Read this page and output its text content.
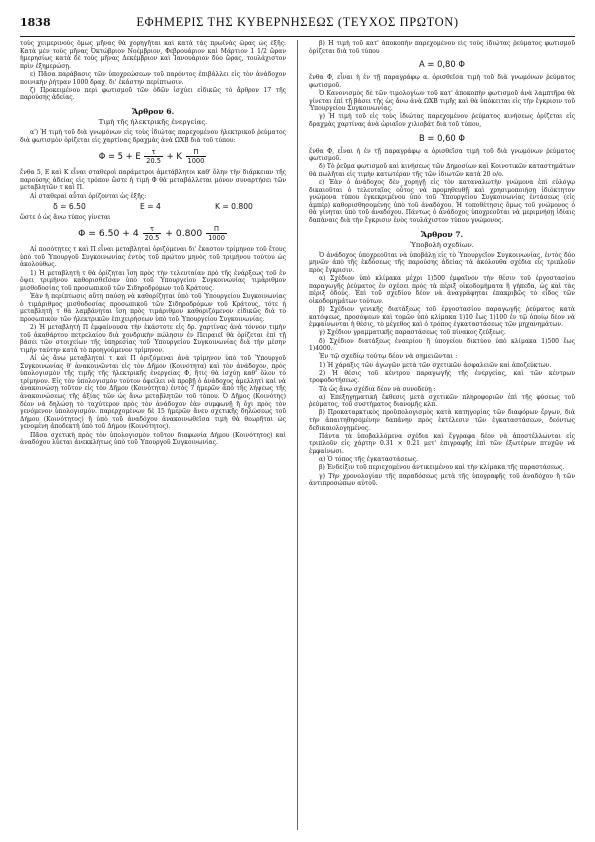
1838	ΕΦΗΜΕΡΙΣ ΤΗΣ ΚΥΒΕΡΝΗΣΕΩΣ (ΤΕΥΧΟΣ ΠΡΩΤΟΝ)

τοὺς χειμερινοὺς ὅμως μῆνας θὰ χορηγῆται καὶ κατὰ τὰς πρωϊνὰς ὥρας ὡς ἑξῆς: Κατὰ μὲν τοὺς μῆνας Ὀκτώβριον Νοέμβριον, Φεβρουάριον καὶ Μάρτιον 1 1/2 ὥραν ἡμερησίως κατὰ δὲ τοὺς μῆνας Δεκέμβριον καὶ Ἰανουάριον δύο ὥρας, τουλάχιστον πρὶν ἐξημερώσῃ.

ε) Πᾶσα παράβασις τῶν ὑποχρεώσεων τοῦ παρόντος ἐπιβάλλει εἰς τὸν ἀνάδοχον ποινικὴν ῥήτραν 1000 δραχ. δι' ἑκάστην περίπτωσιν.

ζ) Προκειμένου περὶ φωτισμοῦ τῶν ὁδῶν ἰσχύει εἰδικῶς τὸ ἄρθρον 17 τῆς παρούσης ἀδείας.

Ἄρθρον 6.
Τιμὴ τῆς ἠλεκτρικῆς ἐνεργείας.

α') Ἡ τιμὴ τοῦ διὰ γνωμόνων εἰς τοὺς ἰδιώτας παρεχομένου ἠλεκτρικοῦ ῥεύματος διὰ φωτισμὸν ὁρίζεται εἰς χαρτίνας δραχμὰς ἀνὰ ΩΧΒ διὰ τοῦ τύπου:

Φ = 5 + Ε $\frac{\tau}{20.5} + K \frac{\Pi}{1000}$

ἔνθα 5, Ε καὶ Κ εἶναι σταθεροὶ παράμετροι ἀμετάβλητοι καθ' ὅλην τὴν διάρκειαν τῆς παρούσης ἀδείας εἰς τρόπον ὥστε ἡ τιμὴ Φ θὰ μεταβάλλεται μόνον συναρτήσει τῶν μεταβλητῶν τ καὶ Π.

Αἱ σταθεραὶ αὗται ὁρίζονται ὡς ἑξῆς:

δ = 6.50	Ε = 4	Κ = 0.800

ὥστε ὁ ὡς ἄνω τύπος γίνεται

$\Phi = 6.50 + 4 \frac{\tau}{20.5} + 0.800 \frac{\Pi}{1000}$

Αἱ ποσότητες τ καὶ Π εἶναι μεταβληταὶ ὁριζόμεναι δι' ἕκαστον τρίμηνον τοῦ ἔτους ὑπὸ τοῦ Ὑπουργοῦ Συγκοινωνίας ἐντὸς τοῦ πρώτου μηνὸς τοῦ τριμήνου τούτου ὡς ἀκολούθως.

1) Ἡ μεταβλητὴ τ θὰ ὁρίζηται ἴση πρὸς τὴν τελευταίαν πρὸ τῆς ἐνάρξεως τοῦ ἐν ὅψει τριμήνου καθορισθεῖσαν ὑπὸ τοῦ Ὑπουργείου Συγκοινωνίας τιμάριθμον μισθοδοσίας τοῦ προσωπικοῦ τῶν Σιδηροδρόμων τοῦ Κράτους.

Ἐὰν ἡ περίπτωσις αὕτη παύσῃ νὰ καθορίζηται ὑπὸ τοῦ Ὑπουργείου Συγκοινωνίας ὁ τιμάριθμος μισθοδοσίας προσωπικοῦ τῶν Σιδηροδρόμων τοῦ Κράτους, τότε ἡ μεταβλητὴ τ θὰ λαμβάνηται ἴση πρὸς τιμάριθμον καθοριζόμενον εἰδικῶς διὰ τὸ προσωπικὸν τῶν ἠλεκτρικῶν ἐπιχειρήσεων ὑπὸ τοῦ Ὑπουργείου Συγκοινωνίας.

2) Ἡ μεταβλητὴ Π ἐμφαίνουσα τὴν ἑκάστοτε εἰς δρ. χαρτίνας ἀνὰ τόννον τιμὴν τοῦ ἀκαθάρτου πετρελαίου διὰ χονδρικὴν πώλησιν ἐν Πειραιεῖ θὰ ὁρίζεται ἐπὶ τῇ βάσει τῶν στοιχείων τῆς ὑπηρεσίας τοῦ Ὑπουργείου Συγκοινωνίας διὰ τὴν μέσην τιμὴν ταύτην κατὰ τὸ προηγούμενον τρίμηνον.

Αἱ ὡς ἄνω μεταβληταὶ τ καὶ Π ὁριζόμεναι ἀνὰ τρίμηνον ὑπὸ τοῦ Ὑπουργοῦ Συγκοινωνίας θ' ἀνακοινῶνται εἰς τὸν Δῆμον (Κοινότητα) καὶ τὸν ἀνάδοχον, πρὸς ὑπολογισμὸν τῆς τιμῆς τῆς ἠλεκτρικῆς ἐνεργείας Φ, ἥτις θὰ ἰσχύῃ καθ' ὅλον τὸ τρίμηνον. Εἰς τὸν ὑπολογισμὸν τούτον ὀφείλει νὰ προβῇ ὁ ἀνάδοχος ἀμελλητὶ καὶ νὰ ἀνακοινώσῃ τοῦτον εἰς τὸν Δῆμον (Κοινότητα) ἐντὸς 7 ἡμερῶν ἀπὸ τῆς λήψεως τῆς ἀνακοινώσεως τῆς ἀξίας τῶν ὡς ἄνω μεταβλητῶν τοῦ τόπου. Ὁ Δῆμος (Κοινότης) δέον νὰ δηλώσῃ τὸ ταχύτερον πρὸς τὸν ἀνάδοχον ἐὰν συμφωνῇ ἢ ὄχι πρὸς τὸν γενόμενον ὑπολογισμόν. παρερχομένων δὲ 15 ἡμερῶν ἄνευ σχετικῆς δηλώσεως τοῦ Δήμου (Κοινότητος) ἢ ὑπὸ τοῦ ἀναδόχου ἀνακοινωθεῖσα τιμὴ θὰ θεωρῆται ὡς γενομένη ἀποδεκτὴ ὑπὸ τοῦ Δήμου (Κοινότητος).

Πᾶσα σχετικὴ πρὸς τὸν ὑπολογισμὸν τοῦτον διαφωνία Δήμου (Κοινότητος) καὶ ἀναδόχου λύεται ἀνεκκλήτως ὑπὸ τοῦ Ὑπουργοῦ Συγκοινωνίας.

β) Ἡ τιμὴ τοῦ κατ' ἀποκοπὴν παρεχομένου εἰς τοὺς ἰδιώτας ῥεύματος φωτισμοῦ ὁρίζεται διὰ τοῦ τύπου

Α = 0,80 Φ

ἔνθα Φ, εἶναι ἡ ἐν τῇ παραγράφῳ α. ὁρισθεῖσα τιμὴ τοῦ διὰ γνωμόνων ῥεύματος φωτισμοῦ.

Ὁ Κανονισμὸς δὲ τῶν τιμολογίων τοῦ κατ' ἀποκοπὴν φωτισμοῦ ἀνὰ λαμπτῆρα θὰ γίνεται ἐπὶ τῇ βάσει τῆς ὡς ἄνω ἀνὰ ΩΧΒ τιμῆς καὶ θὰ ὑπόκειται εἰς τὴν ἔγκρισιν τοῦ Ὑπουργείου Συγκοινωνίας.

γ) Ἡ τιμὴ τοῦ εἰς τοὺς ἰδιώτας παρεχομένου ῥεύματος κινήσεως ὁρίζεται εἰς δραχμὰς χαρτίνας ἀνὰ ὡριαῖον χιλιοβάτ διὰ τοῦ τύπου,

Β = 0,60 Φ

ἔνθα Φ, εἶναι ἡ ἐν τῇ παραγράφῳ α ὁρισθεῖσα τιμὴ τοῦ διὰ γνωμόνων ῥεύματος φωτισμοῦ.

δ) Τὸ ῥεῦμα φωτισμοῦ καὶ κινήσεως τῶν Δημοσίων καὶ Κοινοτικῶν καταστημάτων θὰ πωλῆται εἰς τιμὴν κατωτέραν τῆς τῶν ἰδιωτῶν κατὰ 20 ο/ο.

ε) Ἐὰν ὁ ἀνάδοχος δὲν χορηγῇ εἰς τὸν καταναλωτὴν γνώμονα ἐπὶ εὐλόγῳ δικαιοῦται ὁ τελευταῖος οὗτος νὰ προμηθευθῇ καὶ χρησιμοποιήσῃ ἰδιόκτητον γνώμονα τύπου ἐγκεκριμένου ὑπὸ τοῦ Ὑπουργείου Συγκοινωνίας ἐντάσεως (εἰς ἀμπέρ) καθορισθησομένης ὑπὸ τοῦ ἀναδόχου. Ἡ τοποθέτησις ὅμως τοῦ γνώμονος ὁ θὰ γίνηται ὑπὸ τοῦ ἀναδόχου. Πάντως ὁ ἀνάδοχος ὑποχρεοῦται νὰ μεριμνήσῃ ἰδίαις δαπάναις διὰ τὴν ἔγκρισιν ἑνὸς τουλάχιστον τύπου γνώμονος.

Ἄρθρον 7.
Ὑποβολὴ σχεδίων.

Ὁ ἀνάδοχος ὑποχρεοῦται νὰ ὑποβάλῃ εἰς τὸ Ὑπουργεῖον Συγκοινωνίας, ἐντὸς δύο μηνῶν ἀπὸ τῆς ἐκδόσεως τῆς παρούσης ἀδείας τὰ ἀκόλουθα σχέδια εἰς τριπλοῦν πρὸς ἔγκρισιν.

α) Σχέδιον ὑπὸ κλίμακα μέχρι 1)500 ἐμφαῖνον τὴν θέσιν τοῦ ἐργοστασίου παραγωγῆς ῥεύματος ἐν σχέσει πρὸς τὰ πέριξ οἰκοδομήματα ἢ γήπεδα, ὡς καὶ τὰς πέριξ ὁδούς. Ἐπὶ τοῦ σχεδίου δέον νὰ ἀναγράφηται ἐπακριβῶς τὸ εἶδος τῶν οἰκοδομημάτων τούτων.

β) Σχέδιον γενικῆς διατάξεως τοῦ ἐργοστασίου παραγωγῆς ῥεύματος κατὰ κατόψεως, προσόψεων καὶ τομῶν ὑπὸ κλίμακα 1)10 ἕως 1)100 ἐν τῷ ὁποίῳ δέον νὰ ἐμφαίνωνται ἡ θέσις, τὸ μέγεθος καὶ ὁ τρόπος ἐγκαταστάσεως τῶν μηχανημάτων.

γ) Σχέδιον γραμματικῆς παραστάσεως τοῦ πίνακος ζεύξεως.

δ) Σχέδιον διατάξεως ἐναερίου ἢ ὑπογείου δικτύου ὑπὸ κλίμακα 1)500 ἕως 1)4000.

Ἐν τῷ σχεδίῳ τούτῳ δέον νὰ σημειῶνται :

1) Ἡ χάραξις τῶν ἀγωγῶν μετὰ τῶν σχετικῶν ἀσφαλειῶν καὶ ἀποζεύκτων.

2) Ἡ θέσις τοῦ κέντρου παραγωγῆς τῆς ἐνεργείας, καὶ τῶν κέντρων τροφοδοτήσεως.

Τὰ ὡς ἄνω σχέδια δέον νὰ συνοδεύῃ :

α) Ἐπεξηγηματικὴ ἔκθεσις μετὰ σχετικῶν πληροφοριῶν ἐπὶ τῆς φύσεως τοῦ ῥεύματος, τοῦ συστήματος διανομῆς κλπ.

β) Προκαταρκτικὸς προϋπολογισμὸς κατὰ κατηγορίας τῶν διαφόρων ἔργων, διὰ τὴν ἀπαιτηθησομένην δαπάνην πρὸς ἐκτέλεσιν τῶν ἐγκαταστάσεων, δεόντως δεδικαιολογημένος.

Πάντα τὰ ὑποβαλλόμενα σχέδια καὶ ἔγγραφα δέον νὰ ἀποστέλλωνται εἰς τριπλοῦν εἰς χάρτην 0.31 × 0.21 μετ' ἐπιγραφῆς ἐπὶ τῶν ἐξωτέρων πτυχῶν νὰ ἐμφαίνωσι.

α) Ὁ τόπος τῆς ἐγκαταστάσεως.

β) Ἐνδείξιν τοῦ περιεχομένου ἀντικειμένου καὶ τὴν κλίμακα τῆς παραστάσεως.

γ) Τὴν χρονολογίαν τῆς παραδόσεως μετὰ τῆς ὑπογραφῆς τοῦ ἀναδόχου ἢ τῶν ἀντιπροσώπων αὐτοῦ.
